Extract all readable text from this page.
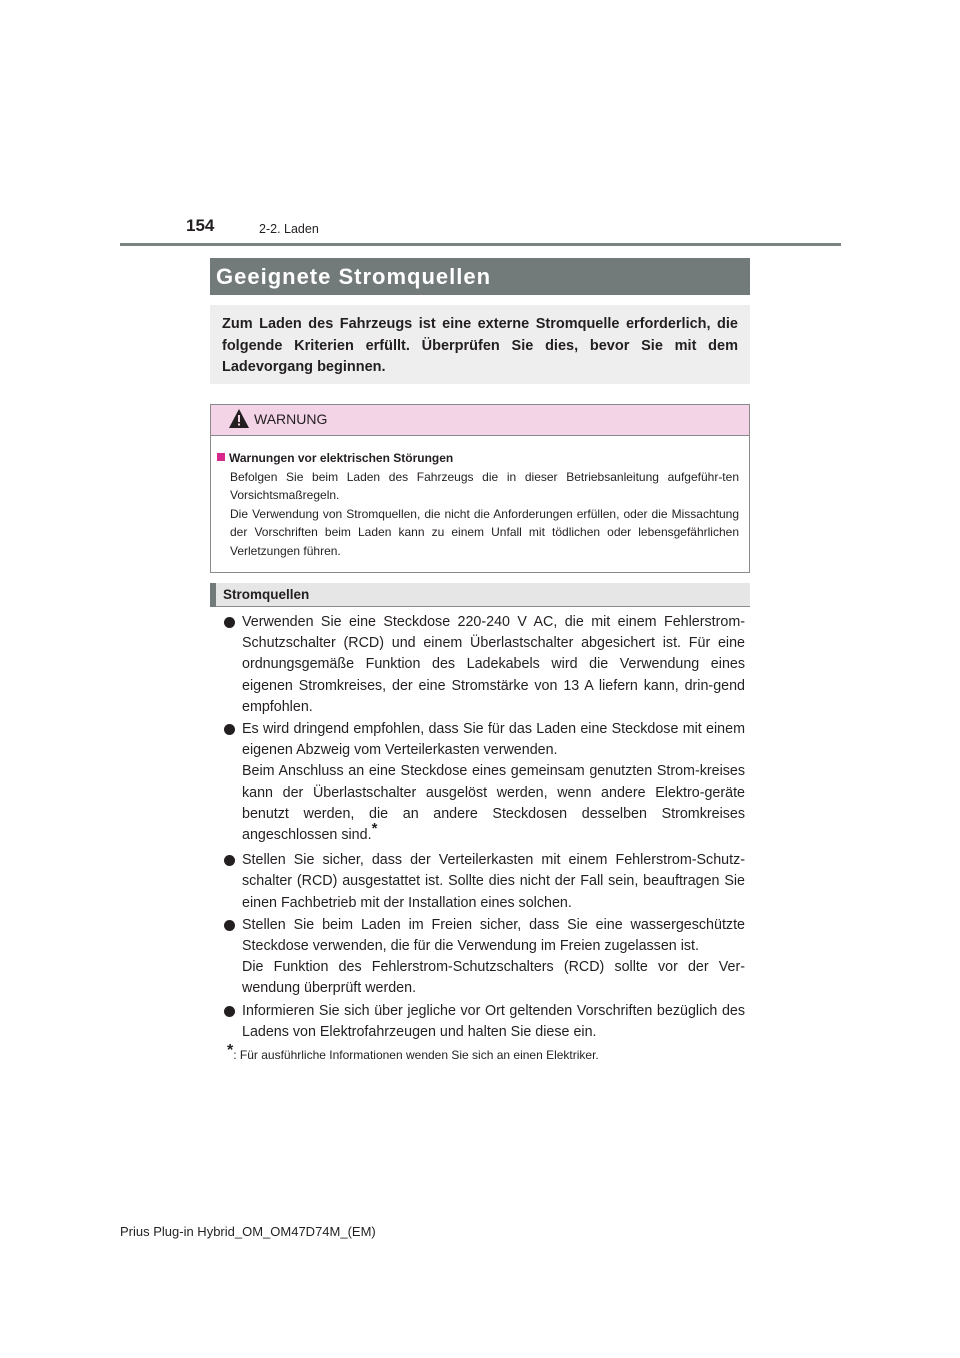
154	2-2. Laden
Geeignete Stromquellen
Zum Laden des Fahrzeugs ist eine externe Stromquelle erforderlich, die folgende Kriterien erfüllt. Überprüfen Sie dies, bevor Sie mit dem Ladevorgang beginnen.
WARNUNG
Warnungen vor elektrischen Störungen
Befolgen Sie beim Laden des Fahrzeugs die in dieser Betriebsanleitung aufgeführ-ten Vorsichtsmaßregeln.
Die Verwendung von Stromquellen, die nicht die Anforderungen erfüllen, oder die Missachtung der Vorschriften beim Laden kann zu einem Unfall mit tödlichen oder lebensgefährlichen Verletzungen führen.
Stromquellen

Verwenden Sie eine Steckdose 220-240 V AC, die mit einem Fehlerstrom-Schutzschalter (RCD) und einem Überlastschalter abgesichert ist. Für eine ordnungsgemäße Funktion des Ladekabels wird die Verwendung eines eigenen Stromkreises, der eine Stromstärke von 13 A liefern kann, drin-gend empfohlen.

Es wird dringend empfohlen, dass Sie für das Laden eine Steckdose mit einem eigenen Abzweig vom Verteilerkasten verwenden.

Beim Anschluss an eine Steckdose eines gemeinsam genutzten Strom-kreises kann der Überlastschalter ausgelöst werden, wenn andere Elektro-geräte benutzt werden, die an andere Steckdosen desselben Stromkreises angeschlossen sind.*

Stellen Sie sicher, dass der Verteilerkasten mit einem Fehlerstrom-Schutz-schalter (RCD) ausgestattet ist. Sollte dies nicht der Fall sein, beauftragen Sie einen Fachbetrieb mit der Installation eines solchen.

Stellen Sie beim Laden im Freien sicher, dass Sie eine wassergeschützte Steckdose verwenden, die für die Verwendung im Freien zugelassen ist.

Die Funktion des Fehlerstrom-Schutzschalters (RCD) sollte vor der Ver-wendung überprüft werden.

Informieren Sie sich über jegliche vor Ort geltenden Vorschriften bezüglich des Ladens von Elektrofahrzeugen und halten Sie diese ein.

*: Für ausführliche Informationen wenden Sie sich an einen Elektriker.
Prius Plug-in Hybrid_OM_OM47D74M_(EM)
